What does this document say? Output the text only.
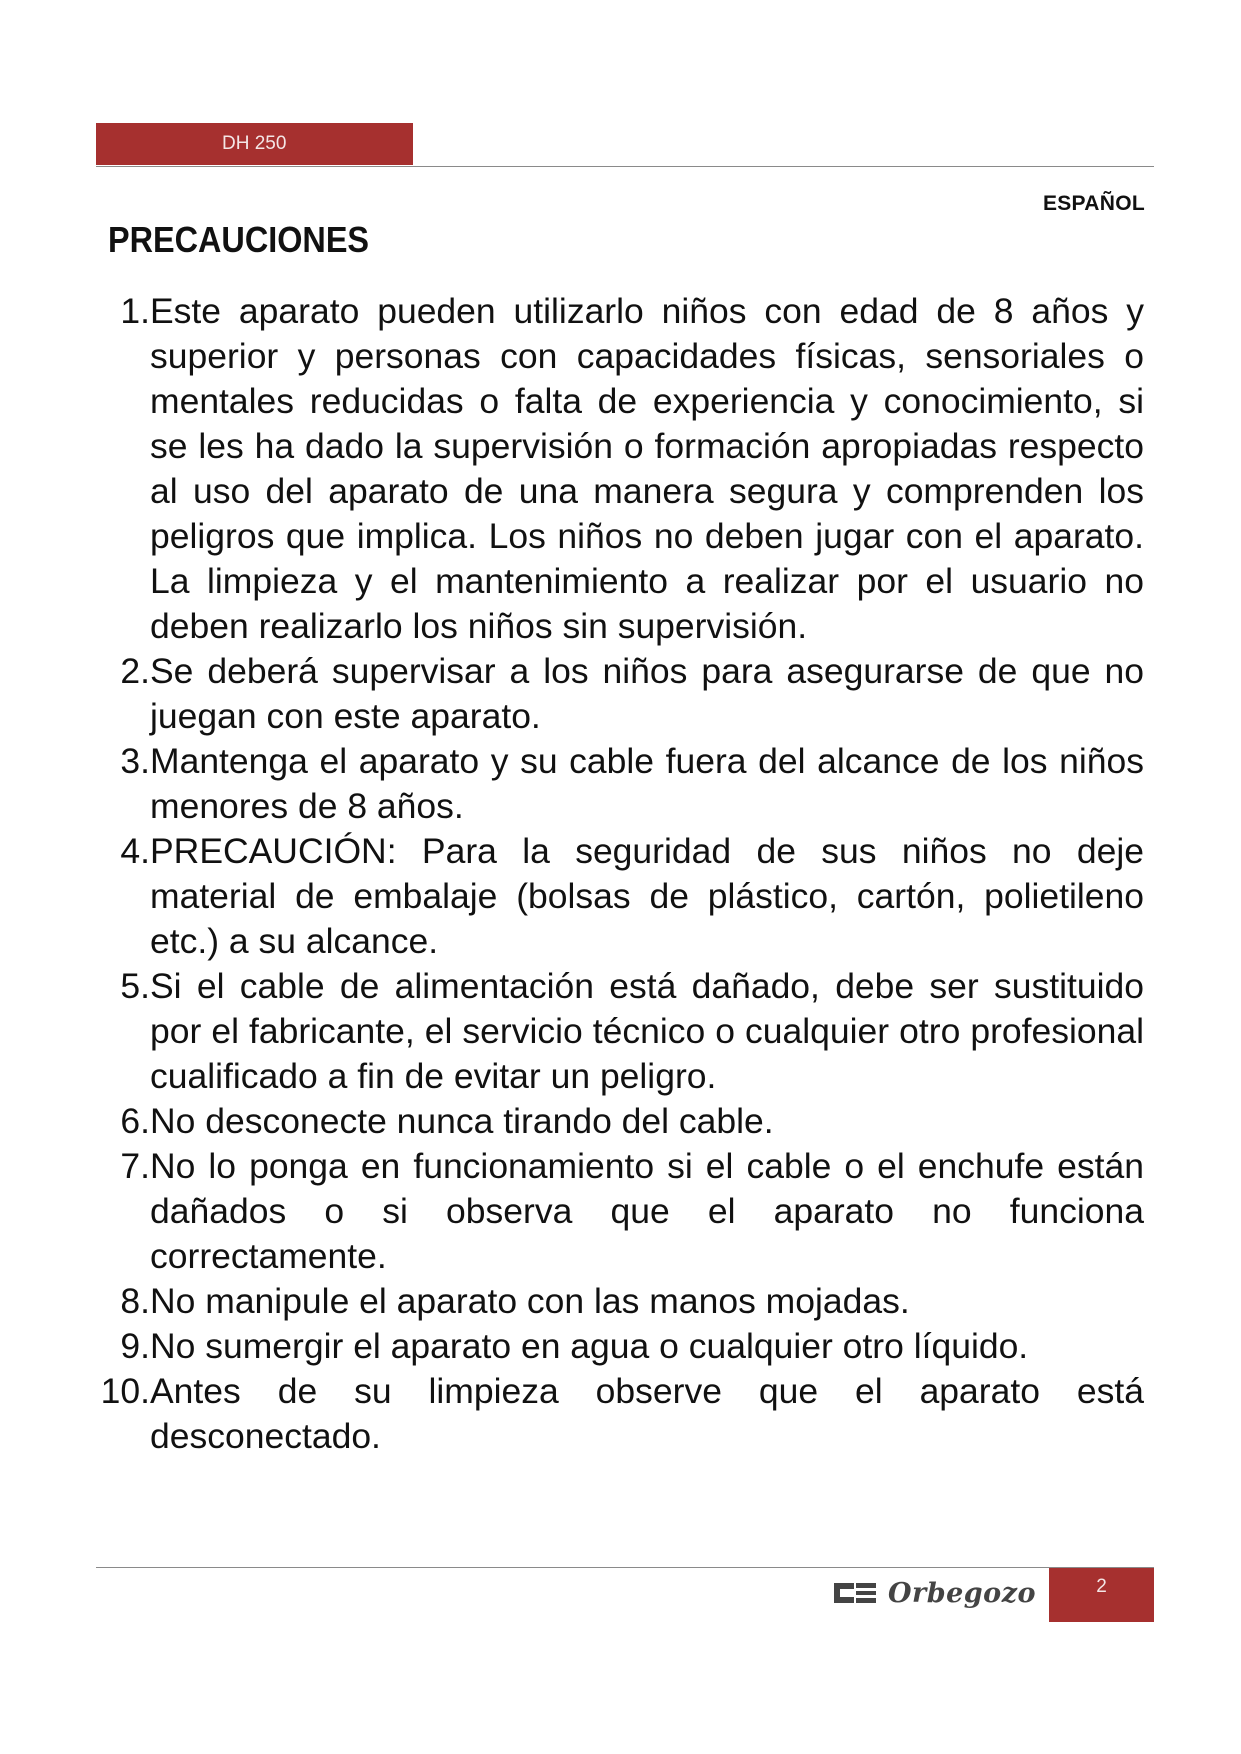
DH 250
ESPAÑOL
PRECAUCIONES
1. Este aparato pueden utilizarlo niños con edad de 8 años y superior y personas con capacidades físicas, sensoriales o mentales reducidas o falta de experiencia y conocimiento, si se les ha dado la supervisión o formación apropiadas respecto al uso del aparato de una manera segura y comprenden los peligros que implica. Los niños no deben jugar con el aparato. La limpieza y el mantenimiento a realizar por el usuario no deben realizarlo los niños sin supervisión.
2. Se deberá supervisar a los niños para asegurarse de que no juegan con este aparato.
3. Mantenga el aparato y su cable fuera del alcance de los niños menores de 8 años.
4. PRECAUCIÓN: Para la seguridad de sus niños no deje material de embalaje (bolsas de plástico, cartón, polietileno etc.) a su alcance.
5. Si el cable de alimentación está dañado, debe ser sustituido por el fabricante, el servicio técnico o cualquier otro profesional cualificado a fin de evitar un peligro.
6. No desconecte nunca tirando del cable.
7. No lo ponga en funcionamiento si el cable o el enchufe están dañados o si observa que el aparato no funciona correctamente.
8. No manipule el aparato con las manos mojadas.
9. No sumergir el aparato en agua o cualquier otro líquido.
10. Antes de su limpieza observe que el aparato está desconectado.
Orbegozo	2
